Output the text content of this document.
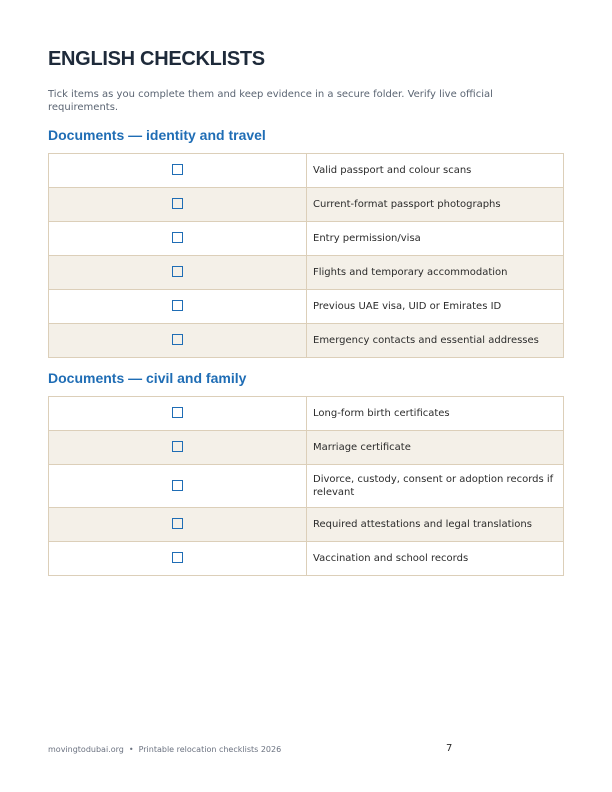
ENGLISH CHECKLISTS

Tick items as you complete them and keep evidence in a secure folder. Verify live official requirements.

Documents — identity and travel
	Valid passport and colour scans
	Current-format passport photographs
	Entry permission/visa
	Flights and temporary accommodation
	Previous UAE visa, UID or Emirates ID
	Emergency contacts and essential addresses
Documents — civil and family
	Long-form birth certificates
	Marriage certificate
	Divorce, custody, consent or adoption records if relevant
	Required attestations and legal translations
	Vaccination and school records
movingtodubai.org • Printable relocation checklists 2026	7
